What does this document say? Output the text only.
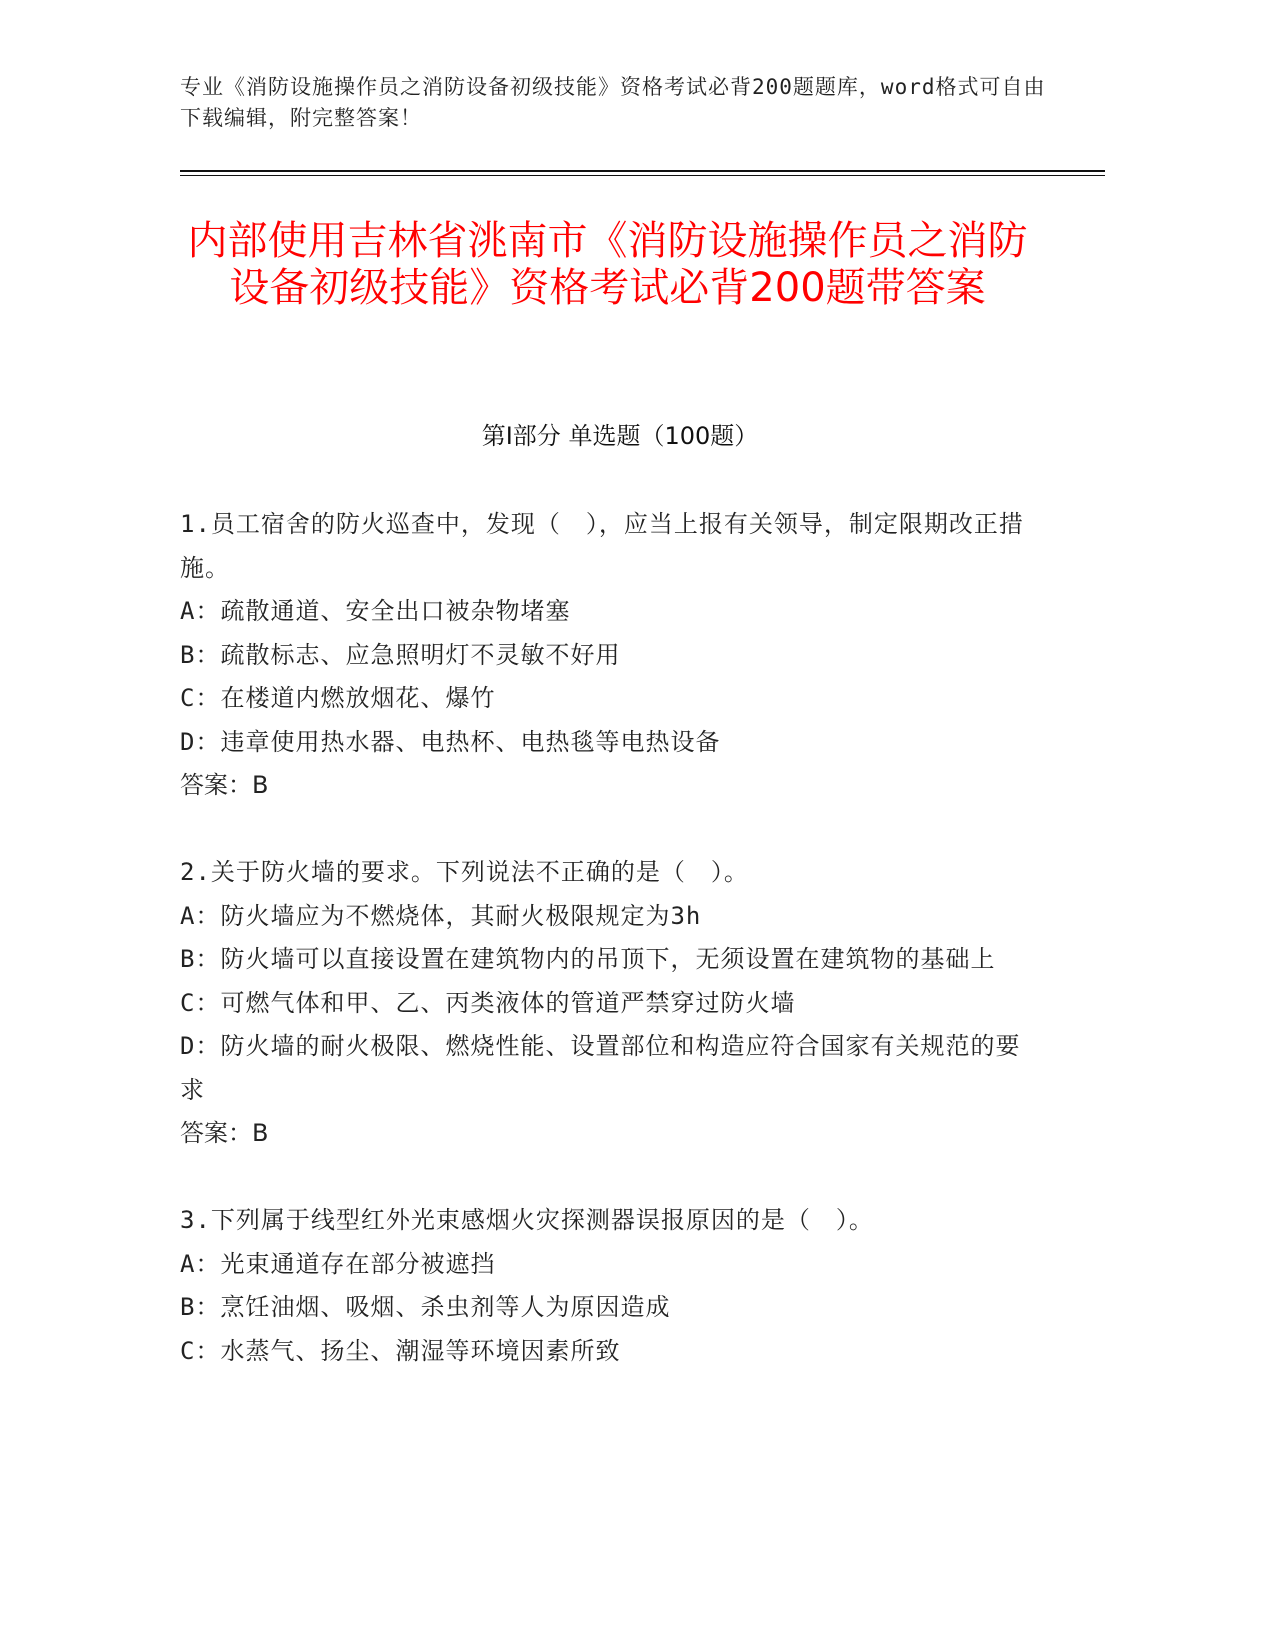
专业《消防设施操作员之消防设备初级技能》资格考试必背200题题库，word格式可自由下载编辑，附完整答案！
内部使用吉林省洮南市《消防设施操作员之消防设备初级技能》资格考试必背200题带答案
第Ⅰ部分 单选题（100题）

1.员工宿舍的防火巡查中，发现（　），应当上报有关领导，制定限期改正措施。

A：疏散通道、安全出口被杂物堵塞

B：疏散标志、应急照明灯不灵敏不好用

C：在楼道内燃放烟花、爆竹

D：违章使用热水器、电热杯、电热毯等电热设备

答案：B

2.关于防火墙的要求。下列说法不正确的是（　）。

A：防火墙应为不燃烧体，其耐火极限规定为3h

B：防火墙可以直接设置在建筑物内的吊顶下，无须设置在建筑物的基础上

C：可燃气体和甲、乙、丙类液体的管道严禁穿过防火墙

D：防火墙的耐火极限、燃烧性能、设置部位和构造应符合国家有关规范的要求

答案：B

3.下列属于线型红外光束感烟火灾探测器误报原因的是（　）。

A：光束通道存在部分被遮挡

B：烹饪油烟、吸烟、杀虫剂等人为原因造成

C：水蒸气、扬尘、潮湿等环境因素所致
